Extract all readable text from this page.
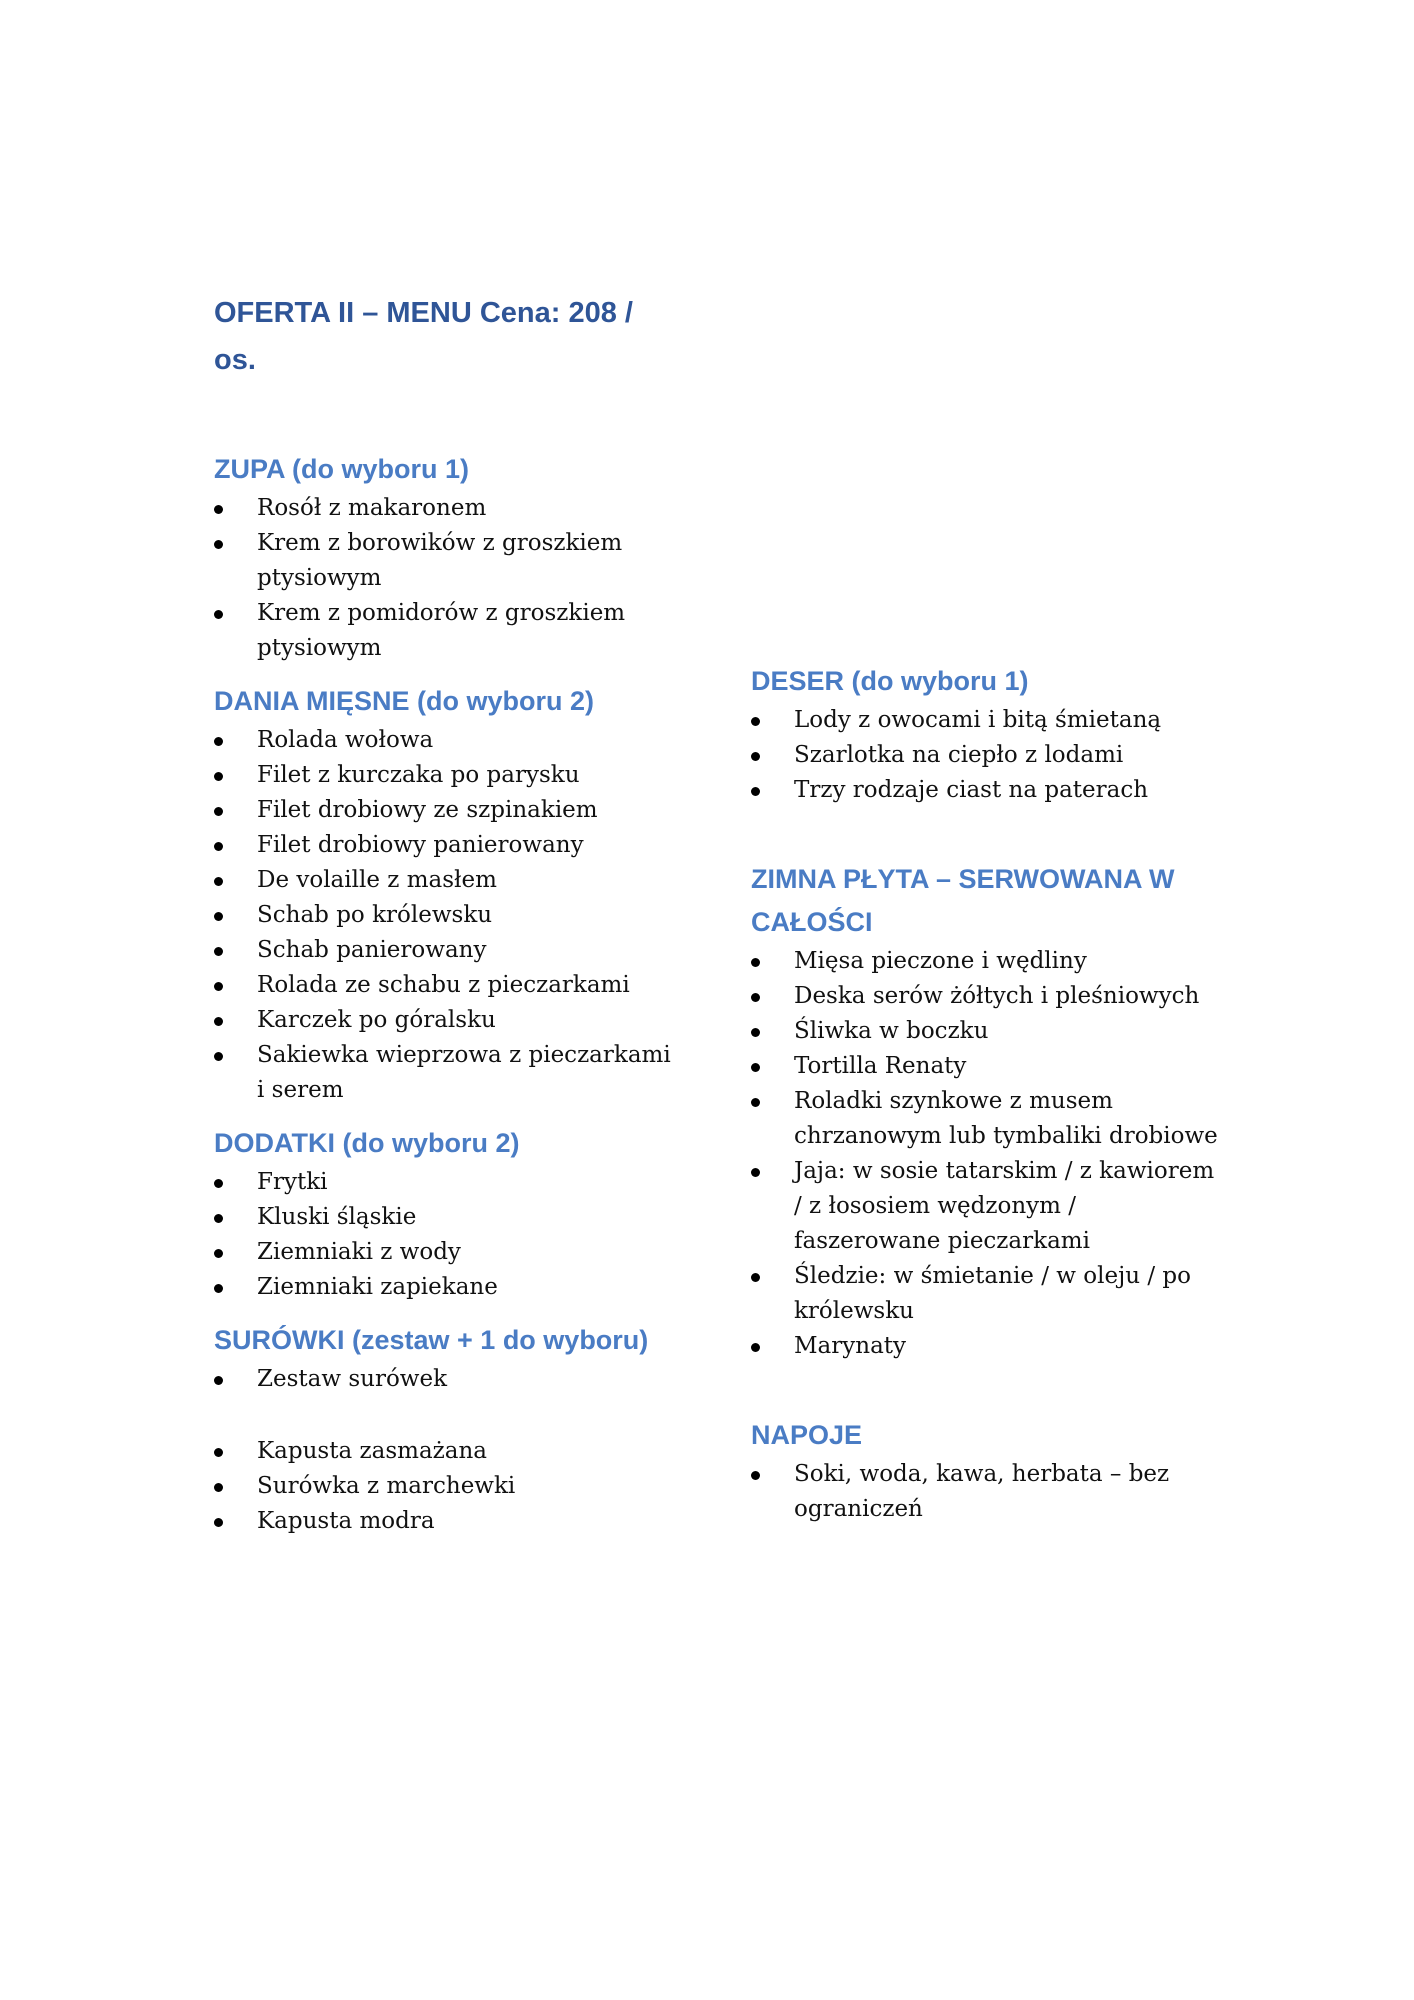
OFERTA II – MENU Cena: 208 / os.
ZUPA (do wyboru 1)
Rosół z makaronem
Krem z borowików z groszkiem ptysiowym
Krem z pomidorów z groszkiem ptysiowym
DANIA MIĘSNE (do wyboru 2)
Rolada wołowa
Filet z kurczaka po parysku
Filet drobiowy ze szpinakiem
Filet drobiowy panierowany
De volaille z masłem
Schab po królewsku
Schab panierowany
Rolada ze schabu z pieczarkami
Karczek po góralsku
Sakiewka wieprzowa z pieczarkami i serem
DODATKI (do wyboru 2)
Frytki
Kluski śląskie
Ziemniaki z wody
Ziemniaki zapiekane
SURÓWKI (zestaw + 1 do wyboru)
Zestaw surówek
Kapusta zasmażana
Surówka z marchewki
Kapusta modra
DESER (do wyboru 1)
Lody z owocami i bitą śmietaną
Szarlotka na ciepło z lodami
Trzy rodzaje ciast na paterach
ZIMNA PŁYTA – SERWOWANA W CAŁOŚCI
Mięsa pieczone i wędliny
Deska serów żółtych i pleśniowych
Śliwka w boczku
Tortilla Renaty
Roladki szynkowe z musem chrzanowym lub tymbaliki drobiowe
Jaja: w sosie tatarskim / z kawiorem / z łososiem wędzonym / faszerowane pieczarkami
Śledzie: w śmietanie / w oleju / po królewsku
Marynaty
NAPOJE
Soki, woda, kawa, herbata – bez ograniczeń
